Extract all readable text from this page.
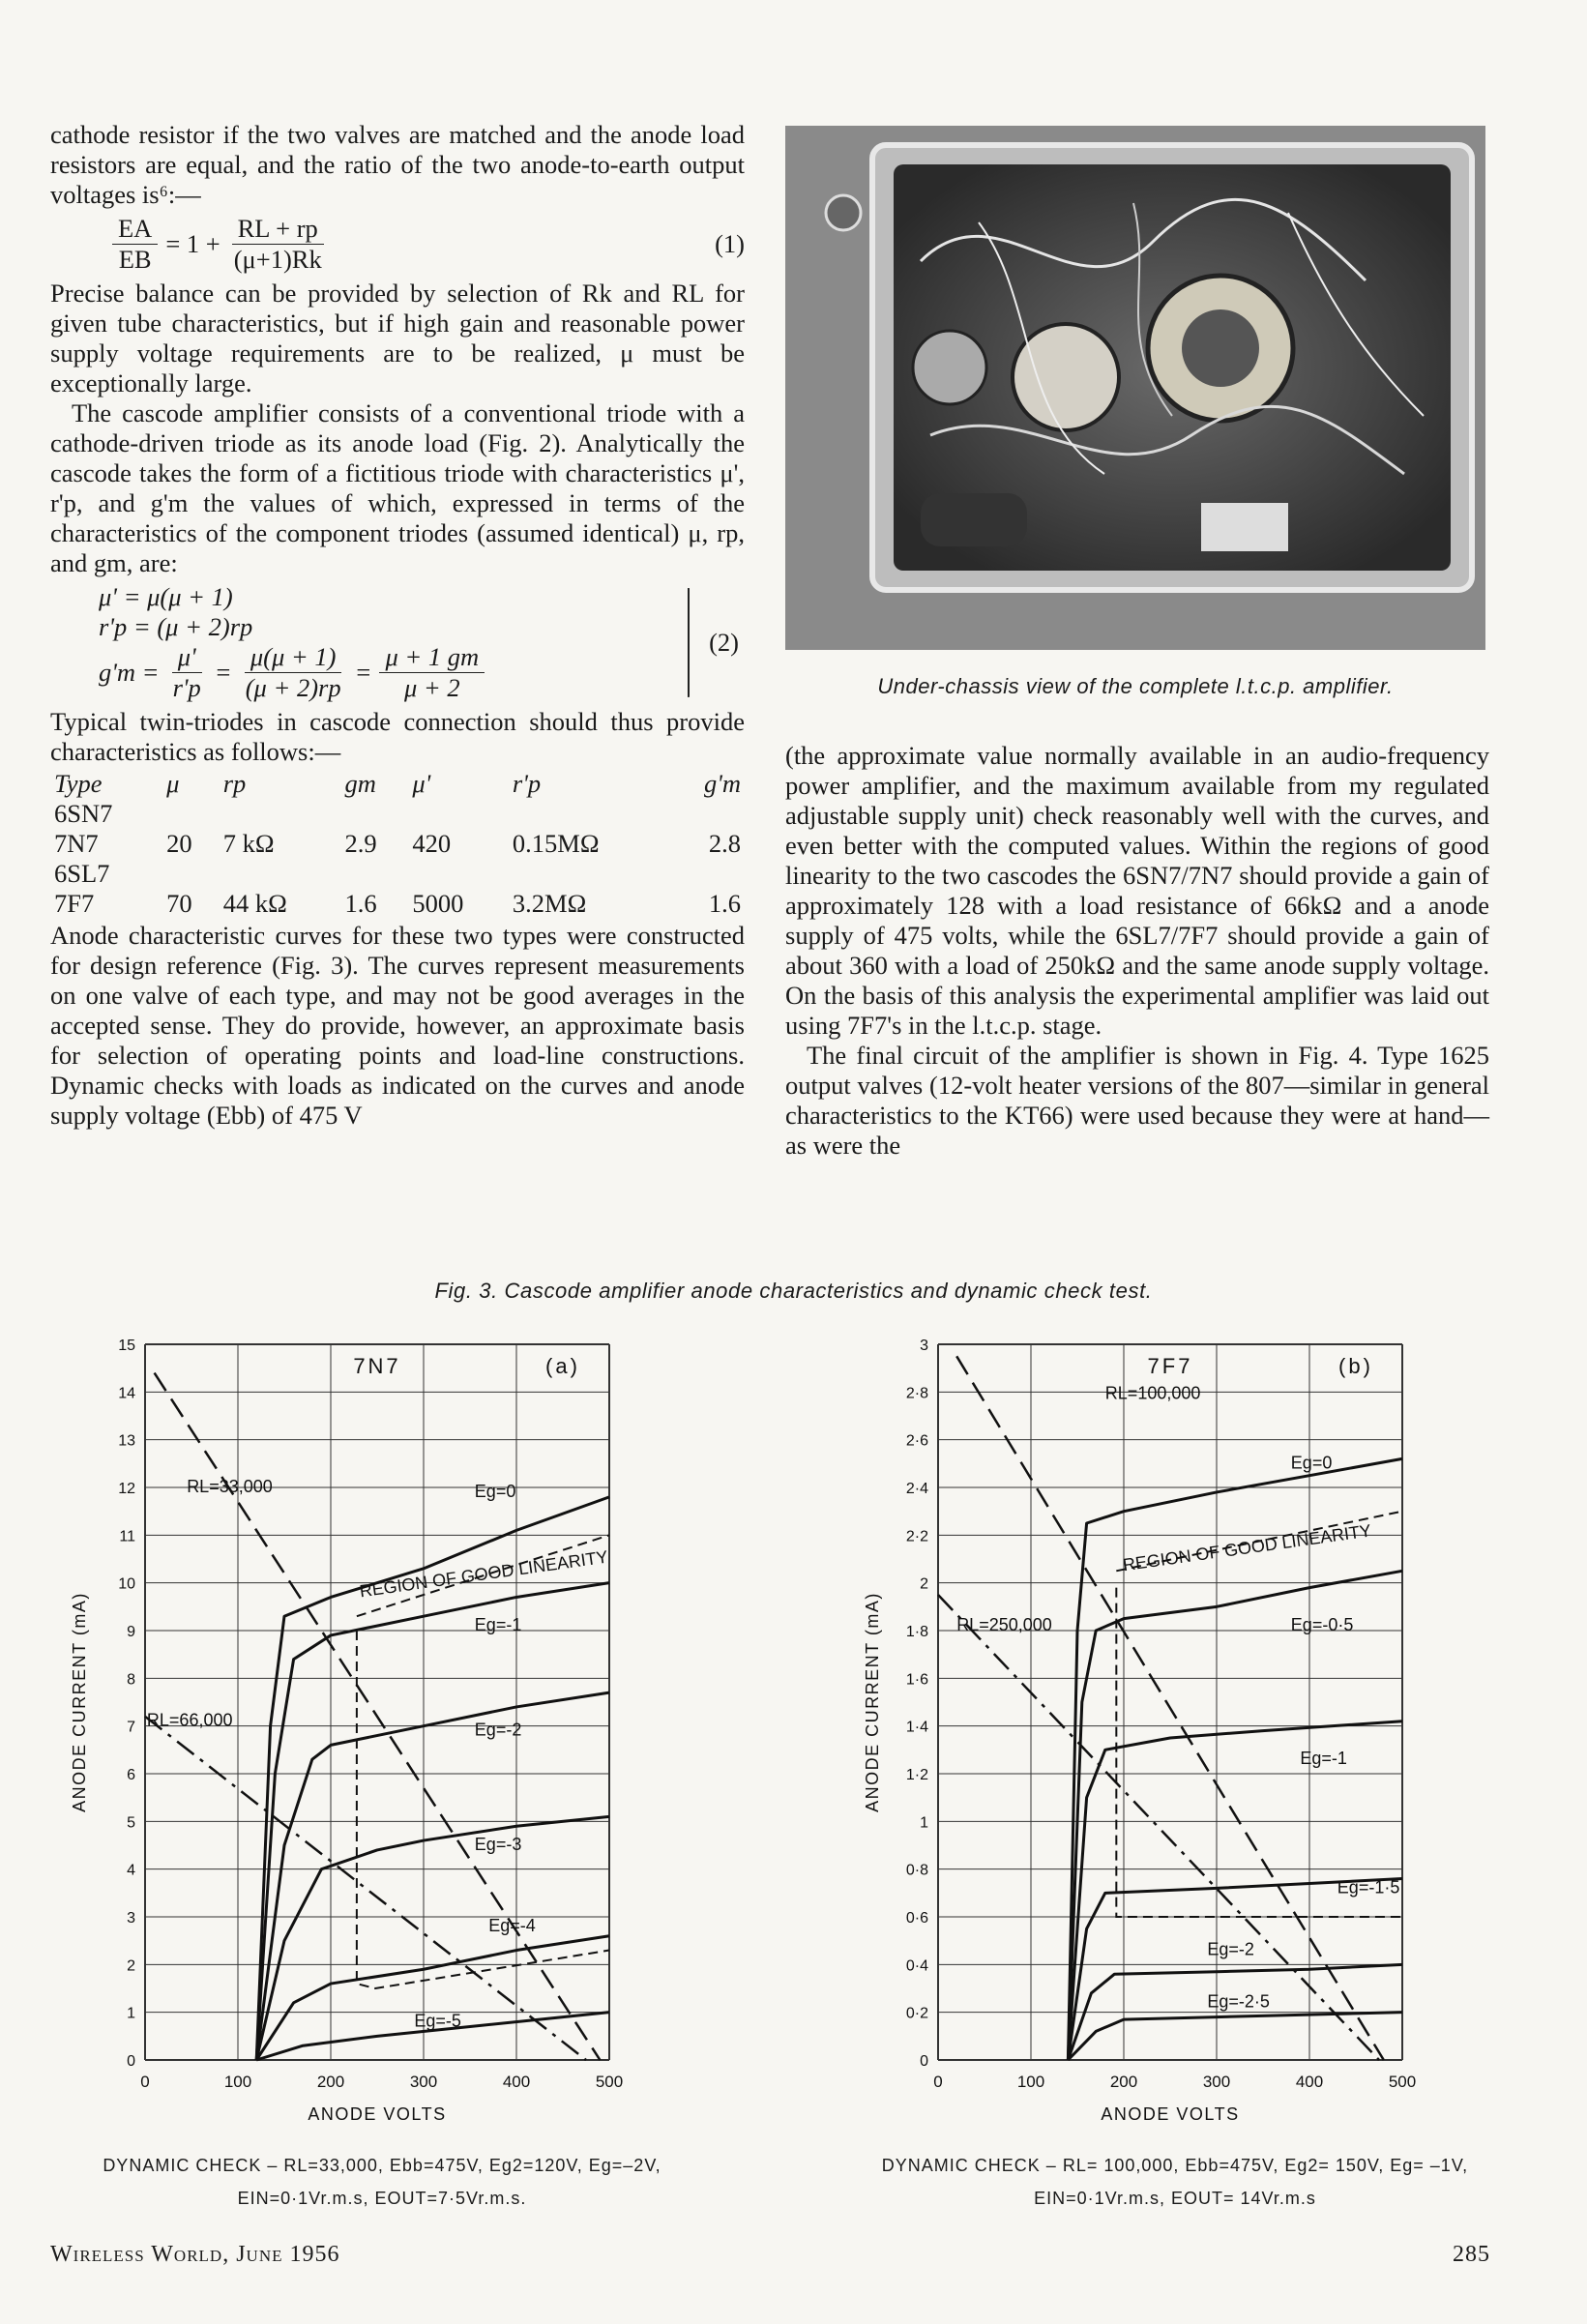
cathode resistor if the two valves are matched and the anode load resistors are equal, and the ratio of the two anode-to-earth output voltages is⁶:—

$\frac{EA}{EB} = 1 + \frac{RL + rp}{(\mu+1)Rk}$	(1)

Precise balance can be provided by selection of Rk and RL for given tube characteristics, but if high gain and reasonable power supply voltage requirements are to be realized, μ must be exceptionally large.

The cascode amplifier consists of a conventional triode with a cathode-driven triode as its anode load (Fig. 2). Analytically the cascode takes the form of a fictitious triode with characteristics μ', r'p, and g'm the values of which, expressed in terms of the characteristics of the component triodes (assumed identical) μ, rp, and gm, are:

μ' = μ(μ + 1)
r'p = (μ + 2)rp
$g'm = \frac{\mu'}{r'p} = \frac{\mu(\mu + 1)}{(\mu + 2)rp} = \frac{\mu + 1 gm}{\mu + 2}$	(2)

Typical twin-triodes in cascode connection should thus provide characteristics as follows:—

Type	μ	rp	gm	μ'	r'p	g'm
6SN7						
7N7	20	7 kΩ	2.9	420	0.15MΩ	2.8
6SL7						
7F7	70	44 kΩ	1.6	5000	3.2MΩ	1.6

Anode characteristic curves for these two types were constructed for design reference (Fig. 3). The curves represent measurements on one valve of each type, and may not be good averages in the accepted sense. They do provide, however, an approximate basis for selection of operating points and load-line constructions. Dynamic checks with loads as indicated on the curves and anode supply voltage (Ebb) of 475 V

Under-chassis view of the complete l.t.c.p. amplifier.

(the approximate value normally available in an audio-frequency power amplifier, and the maximum available from my regulated adjustable supply unit) check reasonably well with the curves, and even better with the computed values. Within the regions of good linearity to the two cascodes the 6SN7/7N7 should provide a gain of approximately 128 with a load resistance of 66kΩ and a anode supply of 475 volts, while the 6SL7/7F7 should provide a gain of about 360 with a load of 250kΩ and the same anode supply voltage. On the basis of this analysis the experimental amplifier was laid out using 7F7's in the l.t.c.p. stage.

The final circuit of the amplifier is shown in Fig. 4. Type 1625 output valves (12-volt heater versions of the 807—similar in general characteristics to the KT66) were used because they were at hand—as were the

Fig. 3. Cascode amplifier anode characteristics and dynamic check test.
0	100	200	300	400	500
0
1
2
3
4
5
6
7
8
9
10
11
12
13
14
15
ANODE VOLTS
ANODE CURRENT (mA)
7N7	(a)
RL=33,000
RL=66,000
Eg=0
Eg=-1
Eg=-2
Eg=-3
Eg=-4
Eg=-5
REGION OF GOOD LINEARITY
0	100	200	300	400	500
0
0·2
0·4
0·6
0·8
1
1·2
1·4
1·6
1·8
2
2·2
2·4
2·6
2·8
3
ANODE VOLTS
ANODE CURRENT (mA)
7F7	(b)
RL=100,000
RL=250,000
Eg=0
Eg=-0·5
Eg=-1
Eg=-1·5
Eg=-2
Eg=-2·5
REGION OF GOOD LINEARITY
DYNAMIC CHECK – RL=33,000, Ebb=475V, Eg2=120V, Eg=–2V,
EIN=0·1Vr.m.s, EOUT=7·5Vr.m.s.
DYNAMIC CHECK – RL= 100,000, Ebb=475V, Eg2= 150V, Eg= –1V,
EIN=0·1Vr.m.s, EOUT= 14Vr.m.s
Wireless World, June 1956	285
